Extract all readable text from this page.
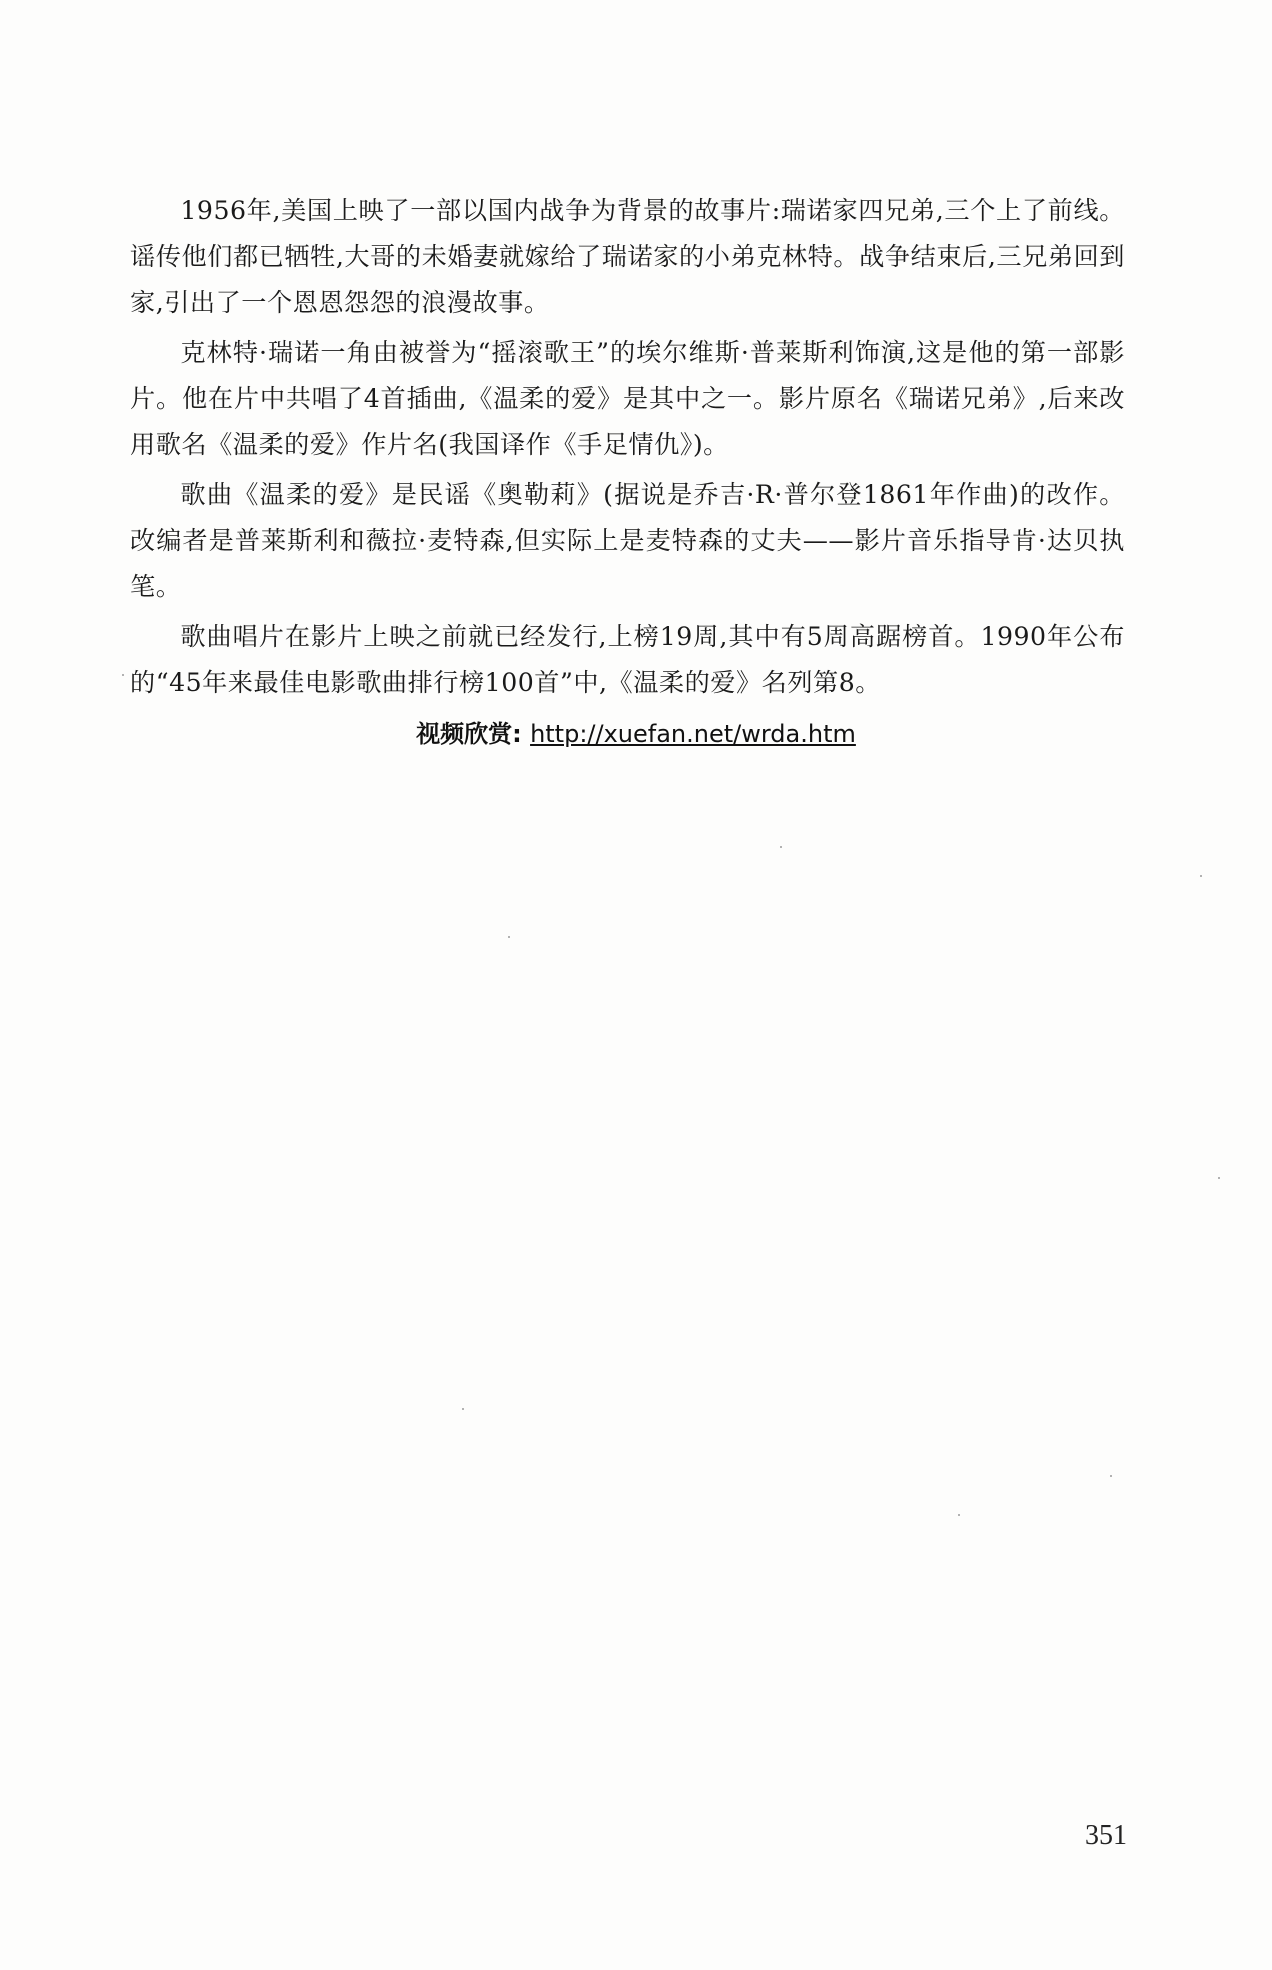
1956年,美国上映了一部以国内战争为背景的故事片:瑞诺家四兄弟,三个上了前线。谣传他们都已牺牲,大哥的未婚妻就嫁给了瑞诺家的小弟克林特。战争结束后,三兄弟回到家,引出了一个恩恩怨怨的浪漫故事。

克林特·瑞诺一角由被誉为“摇滚歌王”的埃尔维斯·普莱斯利饰演,这是他的第一部影片。他在片中共唱了4首插曲,《温柔的爱》是其中之一。影片原名《瑞诺兄弟》,后来改用歌名《温柔的爱》作片名(我国译作《手足情仇》)。

歌曲《温柔的爱》是民谣《奥勒莉》(据说是乔吉·R·普尔登1861年作曲)的改作。改编者是普莱斯利和薇拉·麦特森,但实际上是麦特森的丈夫——影片音乐指导肯·达贝执笔。

歌曲唱片在影片上映之前就已经发行,上榜19周,其中有5周高踞榜首。1990年公布的“45年来最佳电影歌曲排行榜100首”中,《温柔的爱》名列第8。

视频欣赏: http://xuefan.net/wrda.htm
351
